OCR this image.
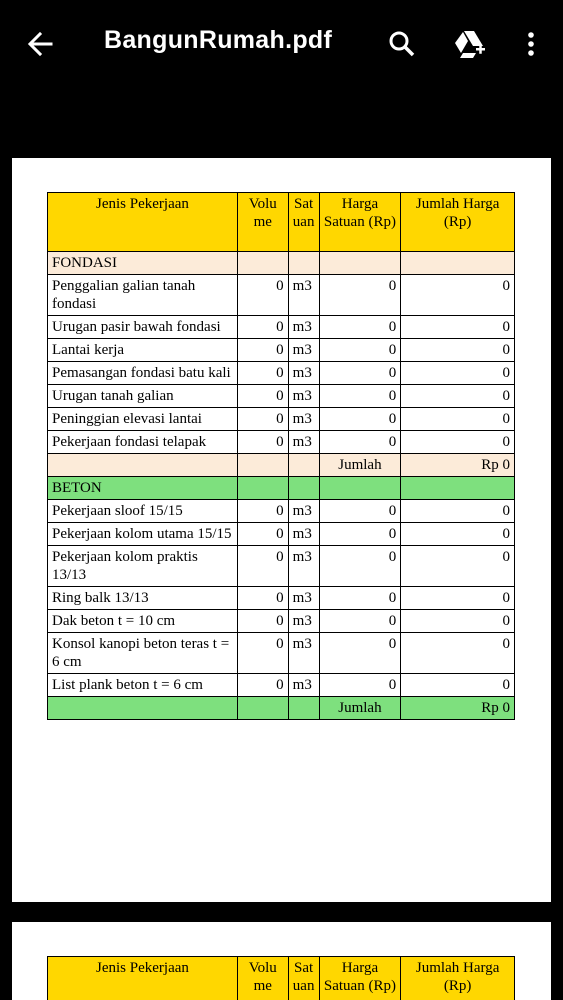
BangunRumah.pdf
Jenis Pekerjaan	Volu me	Sat uan	Harga Satuan (Rp)	Jumlah Harga (Rp)
FONDASI				
Penggalian galian tanah fondasi	0	m3	0	0
Urugan pasir bawah fondasi	0	m3	0	0
Lantai kerja	0	m3	0	0
Pemasangan fondasi batu kali	0	m3	0	0
Urugan tanah galian	0	m3	0	0
Peninggian elevasi lantai	0	m3	0	0
Pekerjaan fondasi telapak	0	m3	0	0
			Jumlah	Rp 0
BETON				
Pekerjaan sloof 15/15	0	m3	0	0
Pekerjaan kolom utama 15/15	0	m3	0	0
Pekerjaan kolom praktis 13/13	0	m3	0	0
Ring balk 13/13	0	m3	0	0
Dak beton t = 10 cm	0	m3	0	0
Konsol kanopi beton teras t = 6 cm	0	m3	0	0
List plank beton t = 6 cm	0	m3	0	0
			Jumlah	Rp 0
Jenis Pekerjaan	Volu me	Sat uan	Harga Satuan (Rp)	Jumlah Harga (Rp)
